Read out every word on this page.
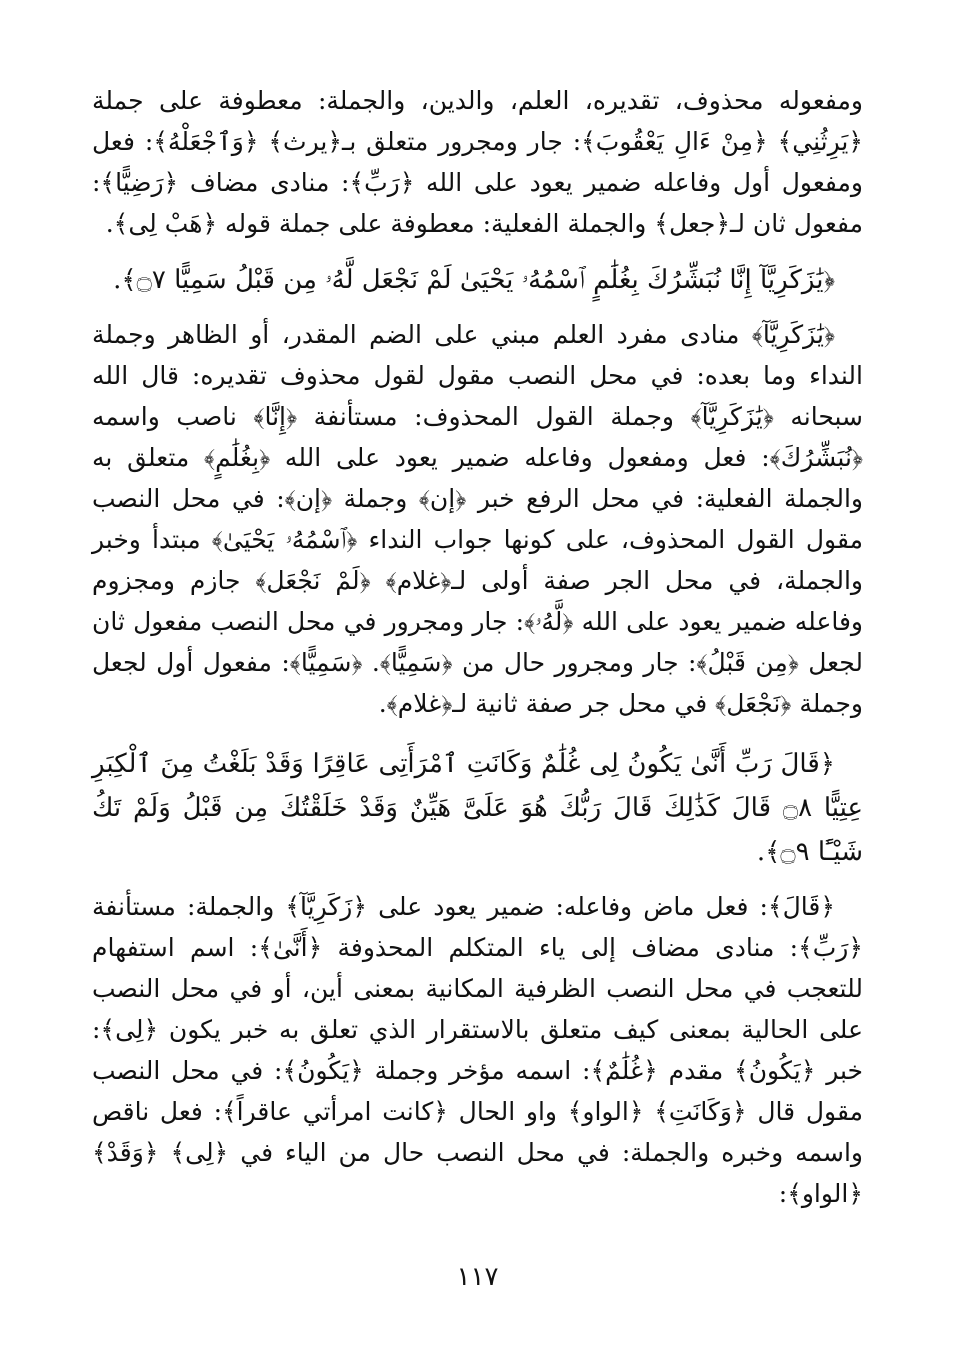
ومفعوله محذوف، تقديره، العلم، والدين، والجملة: معطوفة على جملة ﴿يَرِثُنِي﴾ ﴿مِنْ ءَالِ يَعْقُوبَ﴾: جار ومجرور متعلق بـ﴿يرث﴾ ﴿وَٱجْعَلْهُ﴾: فعل ومفعول أول وفاعله ضمير يعود على الله ﴿رَبِّ﴾: منادى مضاف ﴿رَضِيًّا﴾: مفعول ثان لـ﴿جعل﴾ والجملة الفعلية: معطوفة على جملة قوله ﴿هَبْ لِى﴾.

﴿يَٰزَكَرِيَّآ إِنَّا نُبَشِّرُكَ بِغُلَٰمٍ ٱسْمُهُۥ يَحْيَىٰ لَمْ نَجْعَل لَّهُۥ مِن قَبْلُ سَمِيًّا ۝٧﴾.

﴿يَٰزَكَرِيَّآ﴾ منادى مفرد العلم مبني على الضم المقدر، أو الظاهر وجملة النداء وما بعده: في محل النصب مقول لقول محذوف تقديره: قال الله سبحانه ﴿يَٰزَكَرِيَّآ﴾ وجملة القول المحذوف: مستأنفة ﴿إِنَّا﴾ ناصب واسمه ﴿نُبَشِّرُكَ﴾: فعل ومفعول وفاعله ضمير يعود على الله ﴿بِغُلَٰمٍ﴾ متعلق به والجملة الفعلية: في محل الرفع خبر ﴿إن﴾ وجملة ﴿إن﴾: في محل النصب مقول القول المحذوف، على كونها جواب النداء ﴿ٱسْمُهُۥ يَحْيَىٰ﴾ مبتدأ وخبر والجملة، في محل الجر صفة أولى لـ﴿غلام﴾ ﴿لَمْ نَجْعَل﴾ جازم ومجزوم وفاعله ضمير يعود على الله ﴿لَّهُۥ﴾: جار ومجرور في محل النصب مفعول ثان لجعل ﴿مِن قَبْلُ﴾: جار ومجرور حال من ﴿سَمِيًّا﴾. ﴿سَمِيًّا﴾: مفعول أول لجعل وجملة ﴿نَجْعَل﴾ في محل جر صفة ثانية لـ﴿غلام﴾.

﴿قَالَ رَبِّ أَنَّىٰ يَكُونُ لِى غُلَٰمٌ وَكَانَتِ ٱمْرَأَتِى عَاقِرًا وَقَدْ بَلَغْتُ مِنَ ٱلْكِبَرِ عِتِيًّا ۝٨ قَالَ كَذَٰلِكَ قَالَ رَبُّكَ هُوَ عَلَىَّ هَيِّنٌ وَقَدْ خَلَقْتُكَ مِن قَبْلُ وَلَمْ تَكُ شَيْـًٔا ۝٩﴾.

﴿قَالَ﴾: فعل ماض وفاعله: ضمير يعود على ﴿زَكَرِيَّآ﴾ والجملة: مستأنفة ﴿رَبِّ﴾: منادى مضاف إلى ياء المتكلم المحذوفة ﴿أَنَّىٰ﴾: اسم استفهام للتعجب في محل النصب الظرفية المكانية بمعنى أين، أو في محل النصب على الحالية بمعنى كيف متعلق بالاستقرار الذي تعلق به خبر يكون ﴿لِى﴾: خبر ﴿يَكُونُ﴾ مقدم ﴿غُلَٰمٌ﴾: اسمه مؤخر وجملة ﴿يَكُونُ﴾: في محل النصب مقول قال ﴿وَكَانَتِ﴾ ﴿الواو﴾ واو الحال ﴿كانت امرأتي عاقراً﴾: فعل ناقص واسمه وخبره والجملة: في محل النصب حال من الياء في ﴿لِى﴾ ﴿وَقَدْ﴾ ﴿الواو﴾:

١١٧
